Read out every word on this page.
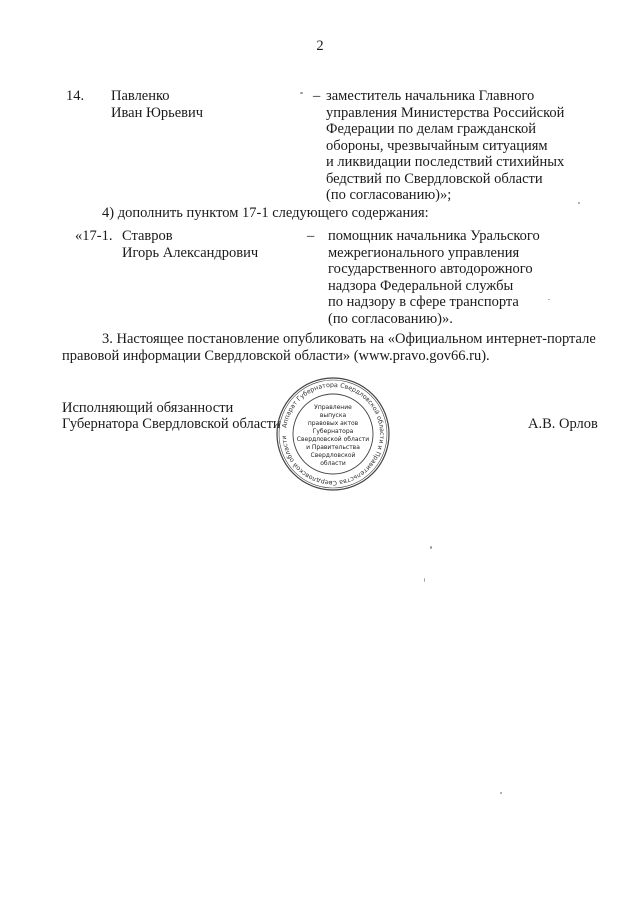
2
14. Павленко
Иван Юрьевич
– заместитель начальника Главного
управления Министерства Российской
Федерации по делам гражданской
обороны, чрезвычайным ситуациям
и ликвидации последствий стихийных
бедствий по Свердловской области
(по согласованию)»;
4) дополнить пунктом 17-1 следующего содержания:
«17-1. Ставров
Игорь Александрович
– помощник начальника Уральского
межрегионального управления
государственного автодорожного
надзора Федеральной службы
по надзору в сфере транспорта
(по согласованию)».
3. Настоящее постановление опубликовать на «Официальном интернет-портале
правовой информации Свердловской области» (www.pravo.gov66.ru).
Исполняющий обязанности
Губернатора Свердловской области	А.В. Орлов
Аппарат Губернатора Свердловской области и Правительства Свердловской области
Управление
выпуска
правовых актов
Губернатора
Свердловской области
и Правительства
Свердловской
области
